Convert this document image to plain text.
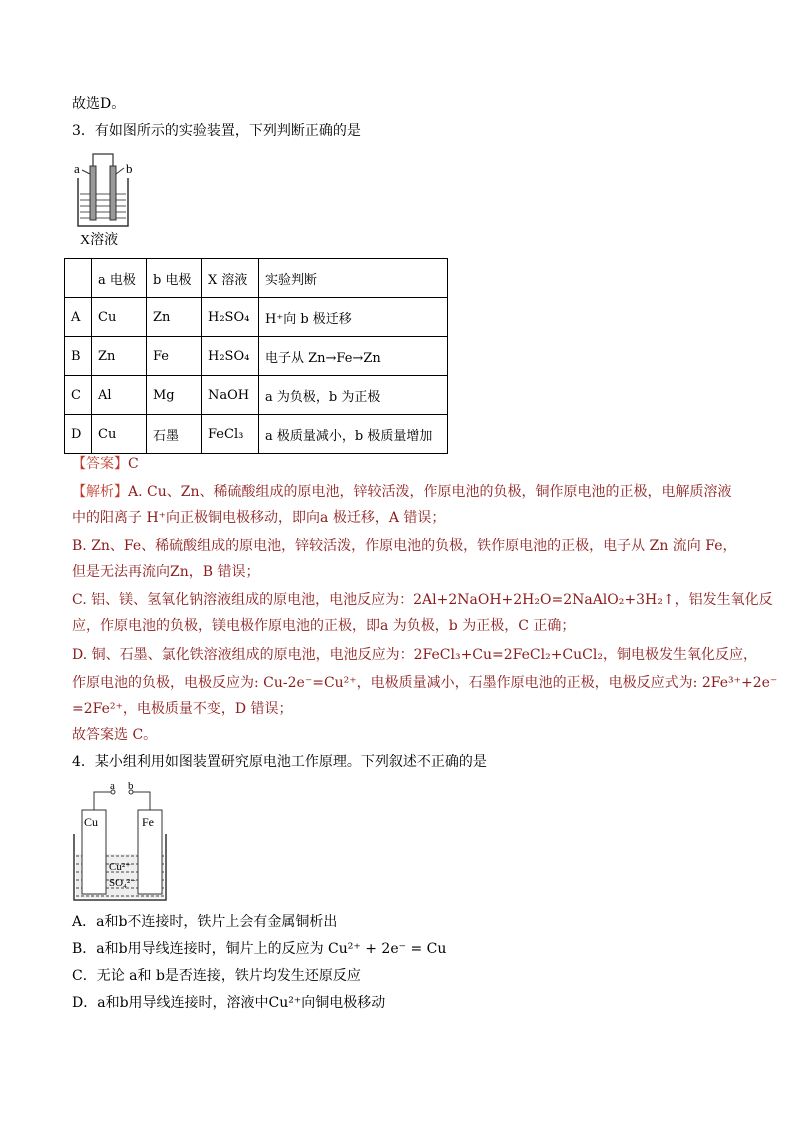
故选D。
3．有如图所示的实验装置，下列判断正确的是
a	b
X溶液
	a 电极	b 电极	X 溶液	实验判断
A	Cu	Zn	H₂SO₄	H⁺向 b 极迁移
B	Zn	Fe	H₂SO₄	电子从 Zn→Fe→Zn
C	Al	Mg	NaOH	a 为负极，b 为正极
D	Cu	石墨	FeCl₃	a 极质量减小，b 极质量增加
【答案】C
【解析】A. Cu、Zn、稀硫酸组成的原电池，锌较活泼，作原电池的负极，铜作原电池的正极，电解质溶液
中的阳离子 H⁺向正极铜电极移动，即向a 极迁移，A 错误；
B. Zn、Fe、稀硫酸组成的原电池，锌较活泼，作原电池的负极，铁作原电池的正极，电子从 Zn 流向 Fe，
但是无法再流向Zn，B 错误；
C. 铝、镁、氢氧化钠溶液组成的原电池，电池反应为：2Al+2NaOH+2H₂O=2NaAlO₂+3H₂↑，铝发生氧化反
应，作原电池的负极，镁电极作原电池的正极，即a 为负极，b 为正极，C 正确；
D. 铜、石墨、氯化铁溶液组成的原电池，电池反应为：2FeCl₃+Cu=2FeCl₂+CuCl₂，铜电极发生氧化反应，
作原电池的负极，电极反应为: Cu-2e⁻=Cu²⁺，电极质量减小，石墨作原电池的正极，电极反应式为: 2Fe³⁺+2e⁻
=2Fe²⁺，电极质量不变，D 错误；
故答案选 C。
4．某小组利用如图装置研究原电池工作原理。下列叙述不正确的是
a b
Cu	Fe
Cu²⁺
SO₄²⁻
A．a和b不连接时，铁片上会有金属铜析出
B．a和b用导线连接时，铜片上的反应为 Cu²⁺ + 2e⁻ = Cu
C．无论 a和 b是否连接，铁片均发生还原反应
D．a和b用导线连接时，溶液中Cu²⁺向铜电极移动
